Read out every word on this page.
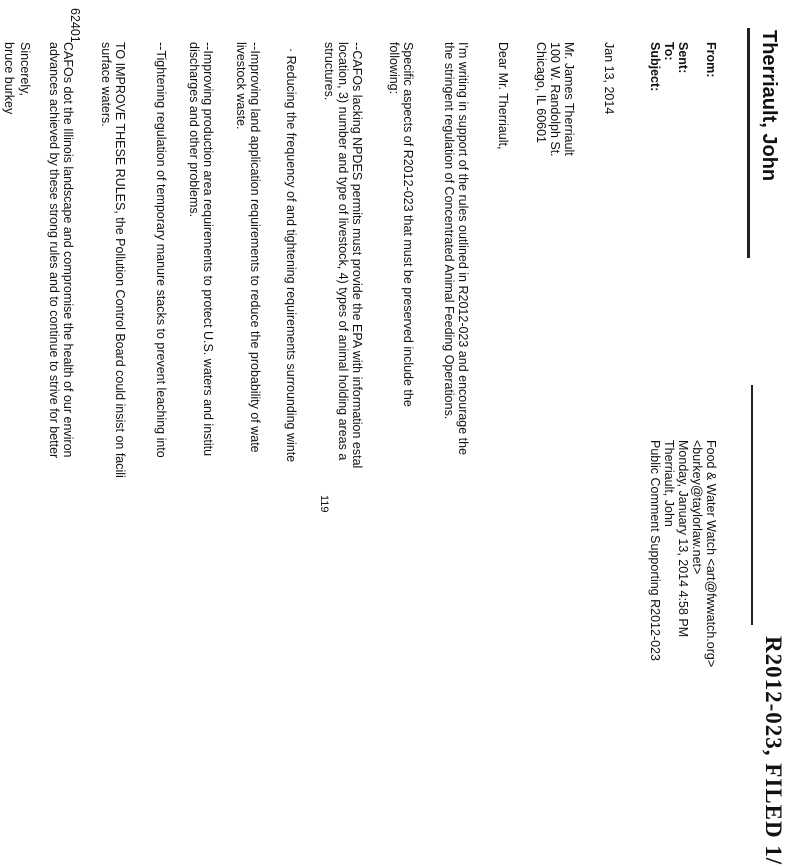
R2012-023, FILED 1/
Therriault, John
From:
Food & Water Watch <art@fwwatch.org>
<burkey@taylorlaw.net>
Sent:
Monday, January 13, 2014 4:58 PM
To:
Therriault, John
Subject:
Public Comment Supporting R2012-023
Jan 13, 2014
Mr. James Therriault
100 W. Randolph St.
Chicago, IL 60601
Dear Mr. Therriault,
I'm writing in support of the rules outlined in R2012-023 and encourage the
the stringent regulation of Concentrated Animal Feeding Operations.
Specific aspects of R2012-023 that must be preserved include the
following:
--CAFOs lacking NPDES permits must provide the EPA with information estal
location, 3) number and type of livestock, 4) types of animal holding areas a
structures.
· Reducing the frequency of and tightening requirements surrounding winte
--Improving land application requirements to reduce the probability of wate
livestock waste.
--Improving production area requirements to protect U.S. waters and institu
discharges and other problems.
--Tightening regulation of temporary manure stacks to prevent leaching into
TO IMPROVE THESE RULES, the Pollution Control Board could insist on facili
surface waters.
CAFOs dot the Illinois landscape and compromise the health of our environ
advances achieved by these strong rules and to continue to strive for better
Sincerely,
bruce burkey
119
62401
